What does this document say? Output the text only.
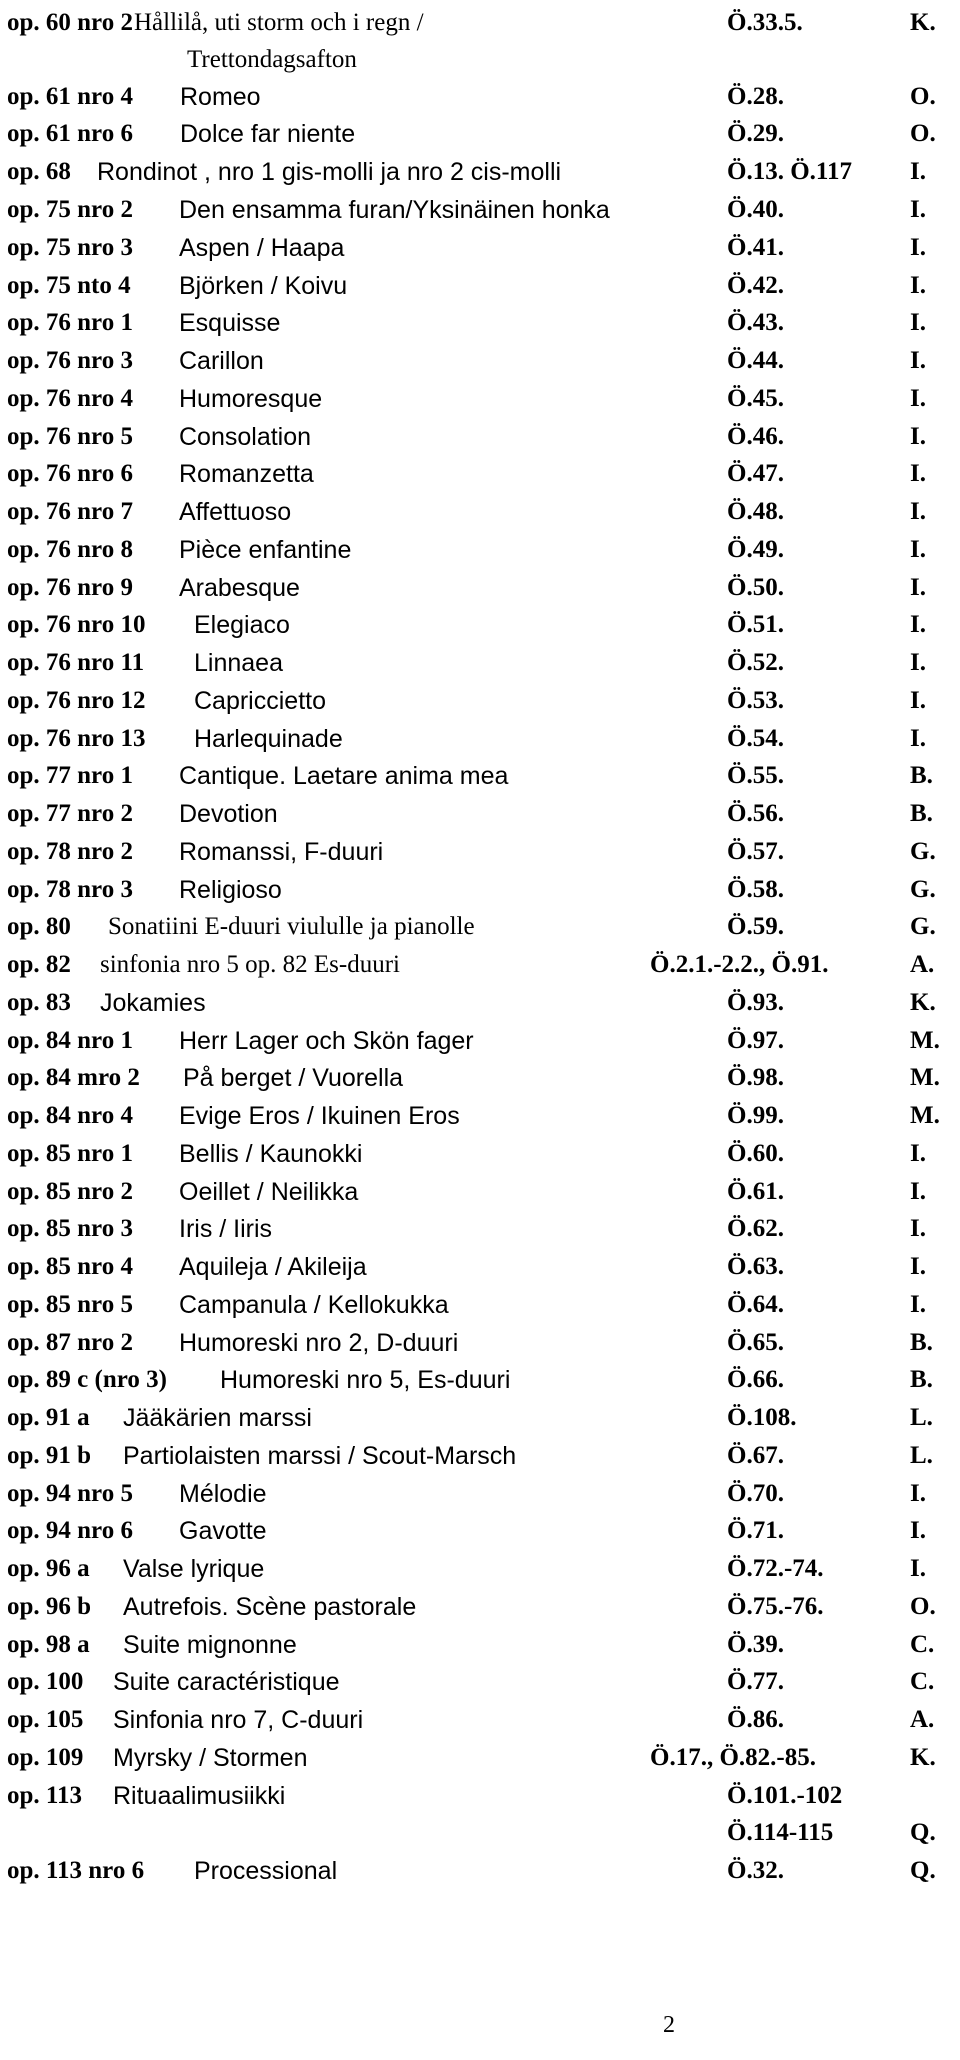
op. 60 nro 2 Hållilå, uti storm och i regn /	Ö.33.5.	K.
Trettondagsafton
op. 61 nro 4 Romeo	Ö.28.	O.
op. 61 nro 6 Dolce far niente	Ö.29.	O.
op. 68 Rondinot , nro 1 gis-molli ja nro 2 cis-molli	Ö.13. Ö.117 I.
op. 75 nro 2 Den ensamma furan/Yksinäinen honka	Ö.40.	I.
op. 75 nro 3 Aspen / Haapa	Ö.41.	I.
op. 75 nto 4 Björken / Koivu	Ö.42.	I.
op. 76 nro 1 Esquisse	Ö.43.	I.
op. 76 nro 3 Carillon	Ö.44.	I.
op. 76 nro 4 Humoresque	Ö.45.	I.
op. 76 nro 5 Consolation	Ö.46.	I.
op. 76 nro 6 Romanzetta	Ö.47.	I.
op. 76 nro 7 Affettuoso	Ö.48.	I.
op. 76 nro 8 Pièce enfantine	Ö.49.	I.
op. 76 nro 9 Arabesque	Ö.50.	I.
op. 76 nro 10 Elegiaco	Ö.51.	I.
op. 76 nro 11 Linnaea	Ö.52.	I.
op. 76 nro 12 Capriccietto	Ö.53.	I.
op. 76 nro 13 Harlequinade	Ö.54.	I.
op. 77 nro 1 Cantique. Laetare anima mea	Ö.55.	B.
op. 77 nro 2 Devotion	Ö.56.	B.
op. 78 nro 2 Romanssi, F-duuri	Ö.57.	G.
op. 78 nro 3 Religioso	Ö.58.	G.
op. 80 Sonatiini E-duuri viululle ja pianolle	Ö.59.	G.
op. 82 sinfonia nro 5 op. 82 Es-duuri	Ö.2.1.-2.2., Ö.91.	A.
op. 83 Jokamies	Ö.93.	K.
op. 84 nro 1 Herr Lager och Skön fager	Ö.97.	M.
op. 84 mro 2 På berget / Vuorella	Ö.98.	M.
op. 84 nro 4 Evige Eros / Ikuinen Eros	Ö.99.	M.
op. 85 nro 1 Bellis / Kaunokki	Ö.60.	I.
op. 85 nro 2 Oeillet / Neilikka	Ö.61.	I.
op. 85 nro 3 Iris / Iiris	Ö.62.	I.
op. 85 nro 4 Aquileja / Akileija	Ö.63.	I.
op. 85 nro 5 Campanula / Kellokukka	Ö.64.	I.
op. 87 nro 2 Humoreski nro 2, D-duuri	Ö.65.	B.
op. 89 c (nro 3) Humoreski nro 5, Es-duuri	Ö.66.	B.
op. 91 a Jääkärien marssi	Ö.108.	L.
op. 91 b Partiolaisten marssi / Scout-Marsch	Ö.67.	L.
op. 94 nro 5 Mélodie	Ö.70.	I.
op. 94 nro 6 Gavotte	Ö.71.	I.
op. 96 a Valse lyrique	Ö.72.-74.	I.
op. 96 b Autrefois. Scène pastorale	Ö.75.-76.	O.
op. 98 a Suite mignonne	Ö.39.	C.
op. 100 Suite caractéristique	Ö.77.	C.
op. 105 Sinfonia nro 7, C-duuri	Ö.86.	A.
op. 109 Myrsky / Stormen	Ö.17., Ö.82.-85.	K.
op. 113 Rituaalimusiikki	Ö.101.-102
Ö.114-115	Q.
op. 113 nro 6 Processional	Ö.32.	Q.
2
